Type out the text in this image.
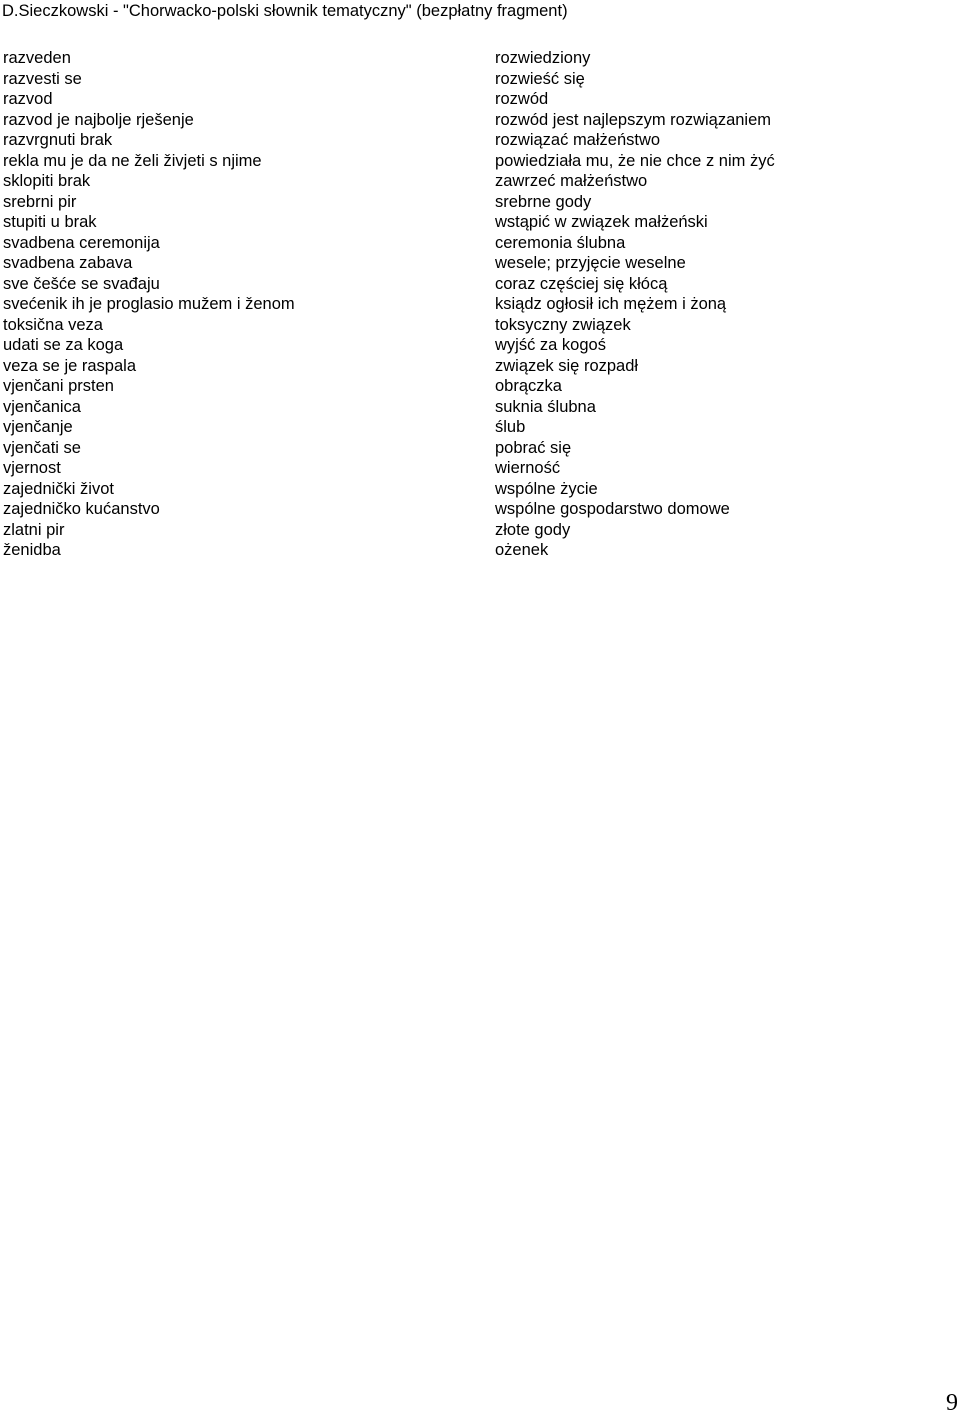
D.Sieczkowski - "Chorwacko-polski słownik tematyczny" (bezpłatny fragment)
razveden
razvesti se
razvod
razvod je najbolje rješenje
razvrgnuti brak
rekla mu je da ne želi živjeti s njime
sklopiti brak
srebrni pir
stupiti u brak
svadbena ceremonija
svadbena zabava
sve češće se svađaju
svećenik ih je proglasio mužem i ženom
toksična veza
udati se za koga
veza se je raspala
vjenčani prsten
vjenčanica
vjenčanje
vjenčati se
vjernost
zajednički život
zajedničko kućanstvo
zlatni pir
ženidba
rozwiedziony
rozwieść się
rozwód
rozwód jest najlepszym rozwiązaniem
rozwiązać małżeństwo
powiedziała mu, że nie chce z nim żyć
zawrzeć małżeństwo
srebrne gody
wstąpić w związek małżeński
ceremonia ślubna
wesele; przyjęcie weselne
coraz częściej się kłócą
ksiądz ogłosił ich mężem i żoną
toksyczny związek
wyjść za kogoś
związek się rozpadł
obrączka
suknia ślubna
ślub
pobrać się
wierność
wspólne życie
wspólne gospodarstwo domowe
złote gody
ożenek
9
